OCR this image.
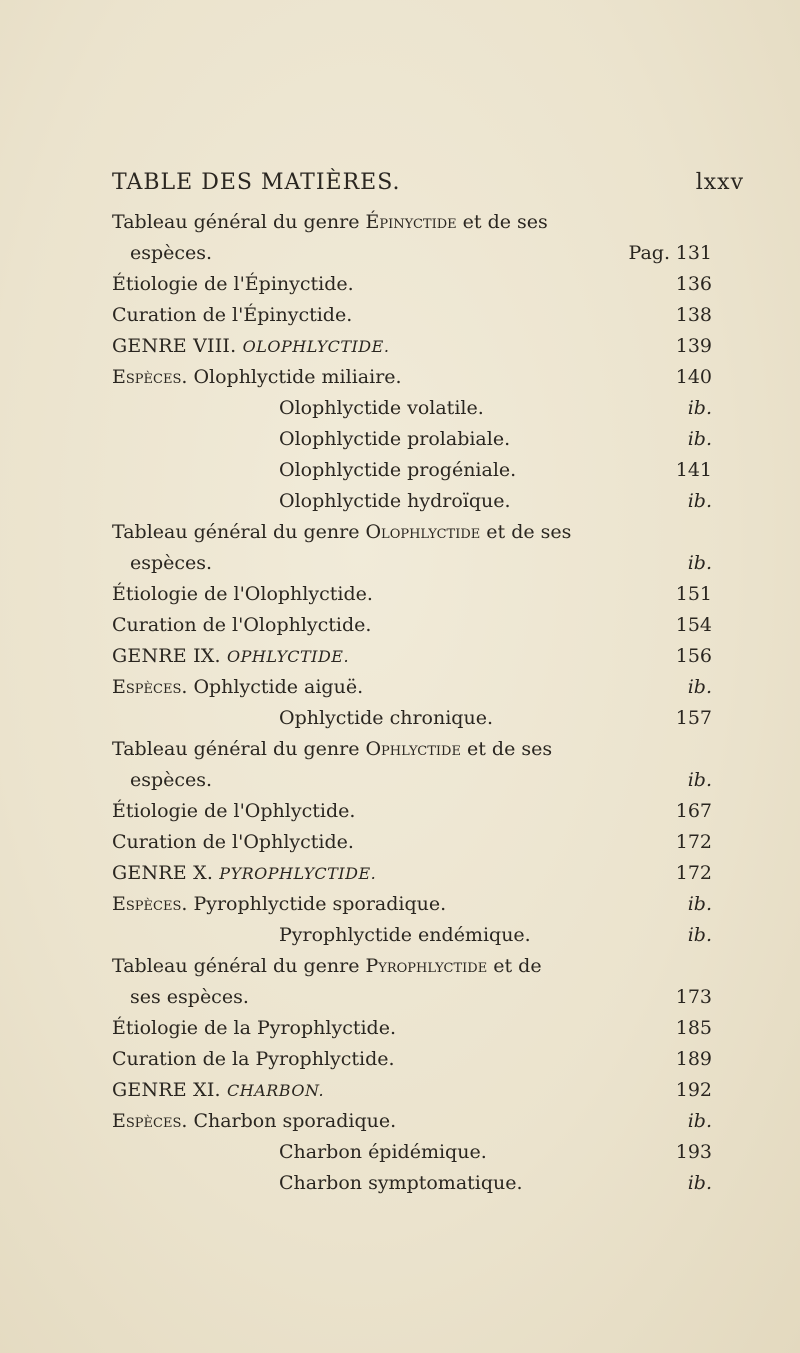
TABLE DES MATIÈRES.	lxxv
Tableau général du genre Épinyctide et de ses
espèces.	Pag. 131
Étiologie de l'Épinyctide.	136
Curation de l'Épinyctide.	138
GENRE VIII. OLOPHLYCTIDE.	139
Espèces. Olophlyctide miliaire.	140
Olophlyctide volatile.	ib.
Olophlyctide prolabiale.	ib.
Olophlyctide progéniale.	141
Olophlyctide hydroïque.	ib.
Tableau général du genre Olophlyctide et de ses
espèces.	ib.
Étiologie de l'Olophlyctide.	151
Curation de l'Olophlyctide.	154
GENRE IX. OPHLYCTIDE.	156
Espèces. Ophlyctide aiguë.	ib.
Ophlyctide chronique.	157
Tableau général du genre Ophlyctide et de ses
espèces.	ib.
Étiologie de l'Ophlyctide.	167
Curation de l'Ophlyctide.	172
GENRE X. PYROPHLYCTIDE.	172
Espèces. Pyrophlyctide sporadique.	ib.
Pyrophlyctide endémique.	ib.
Tableau général du genre Pyrophlyctide et de
ses espèces.	173
Étiologie de la Pyrophlyctide.	185
Curation de la Pyrophlyctide.	189
GENRE XI. CHARBON.	192
Espèces. Charbon sporadique.	ib.
Charbon épidémique.	193
Charbon symptomatique.	ib.
